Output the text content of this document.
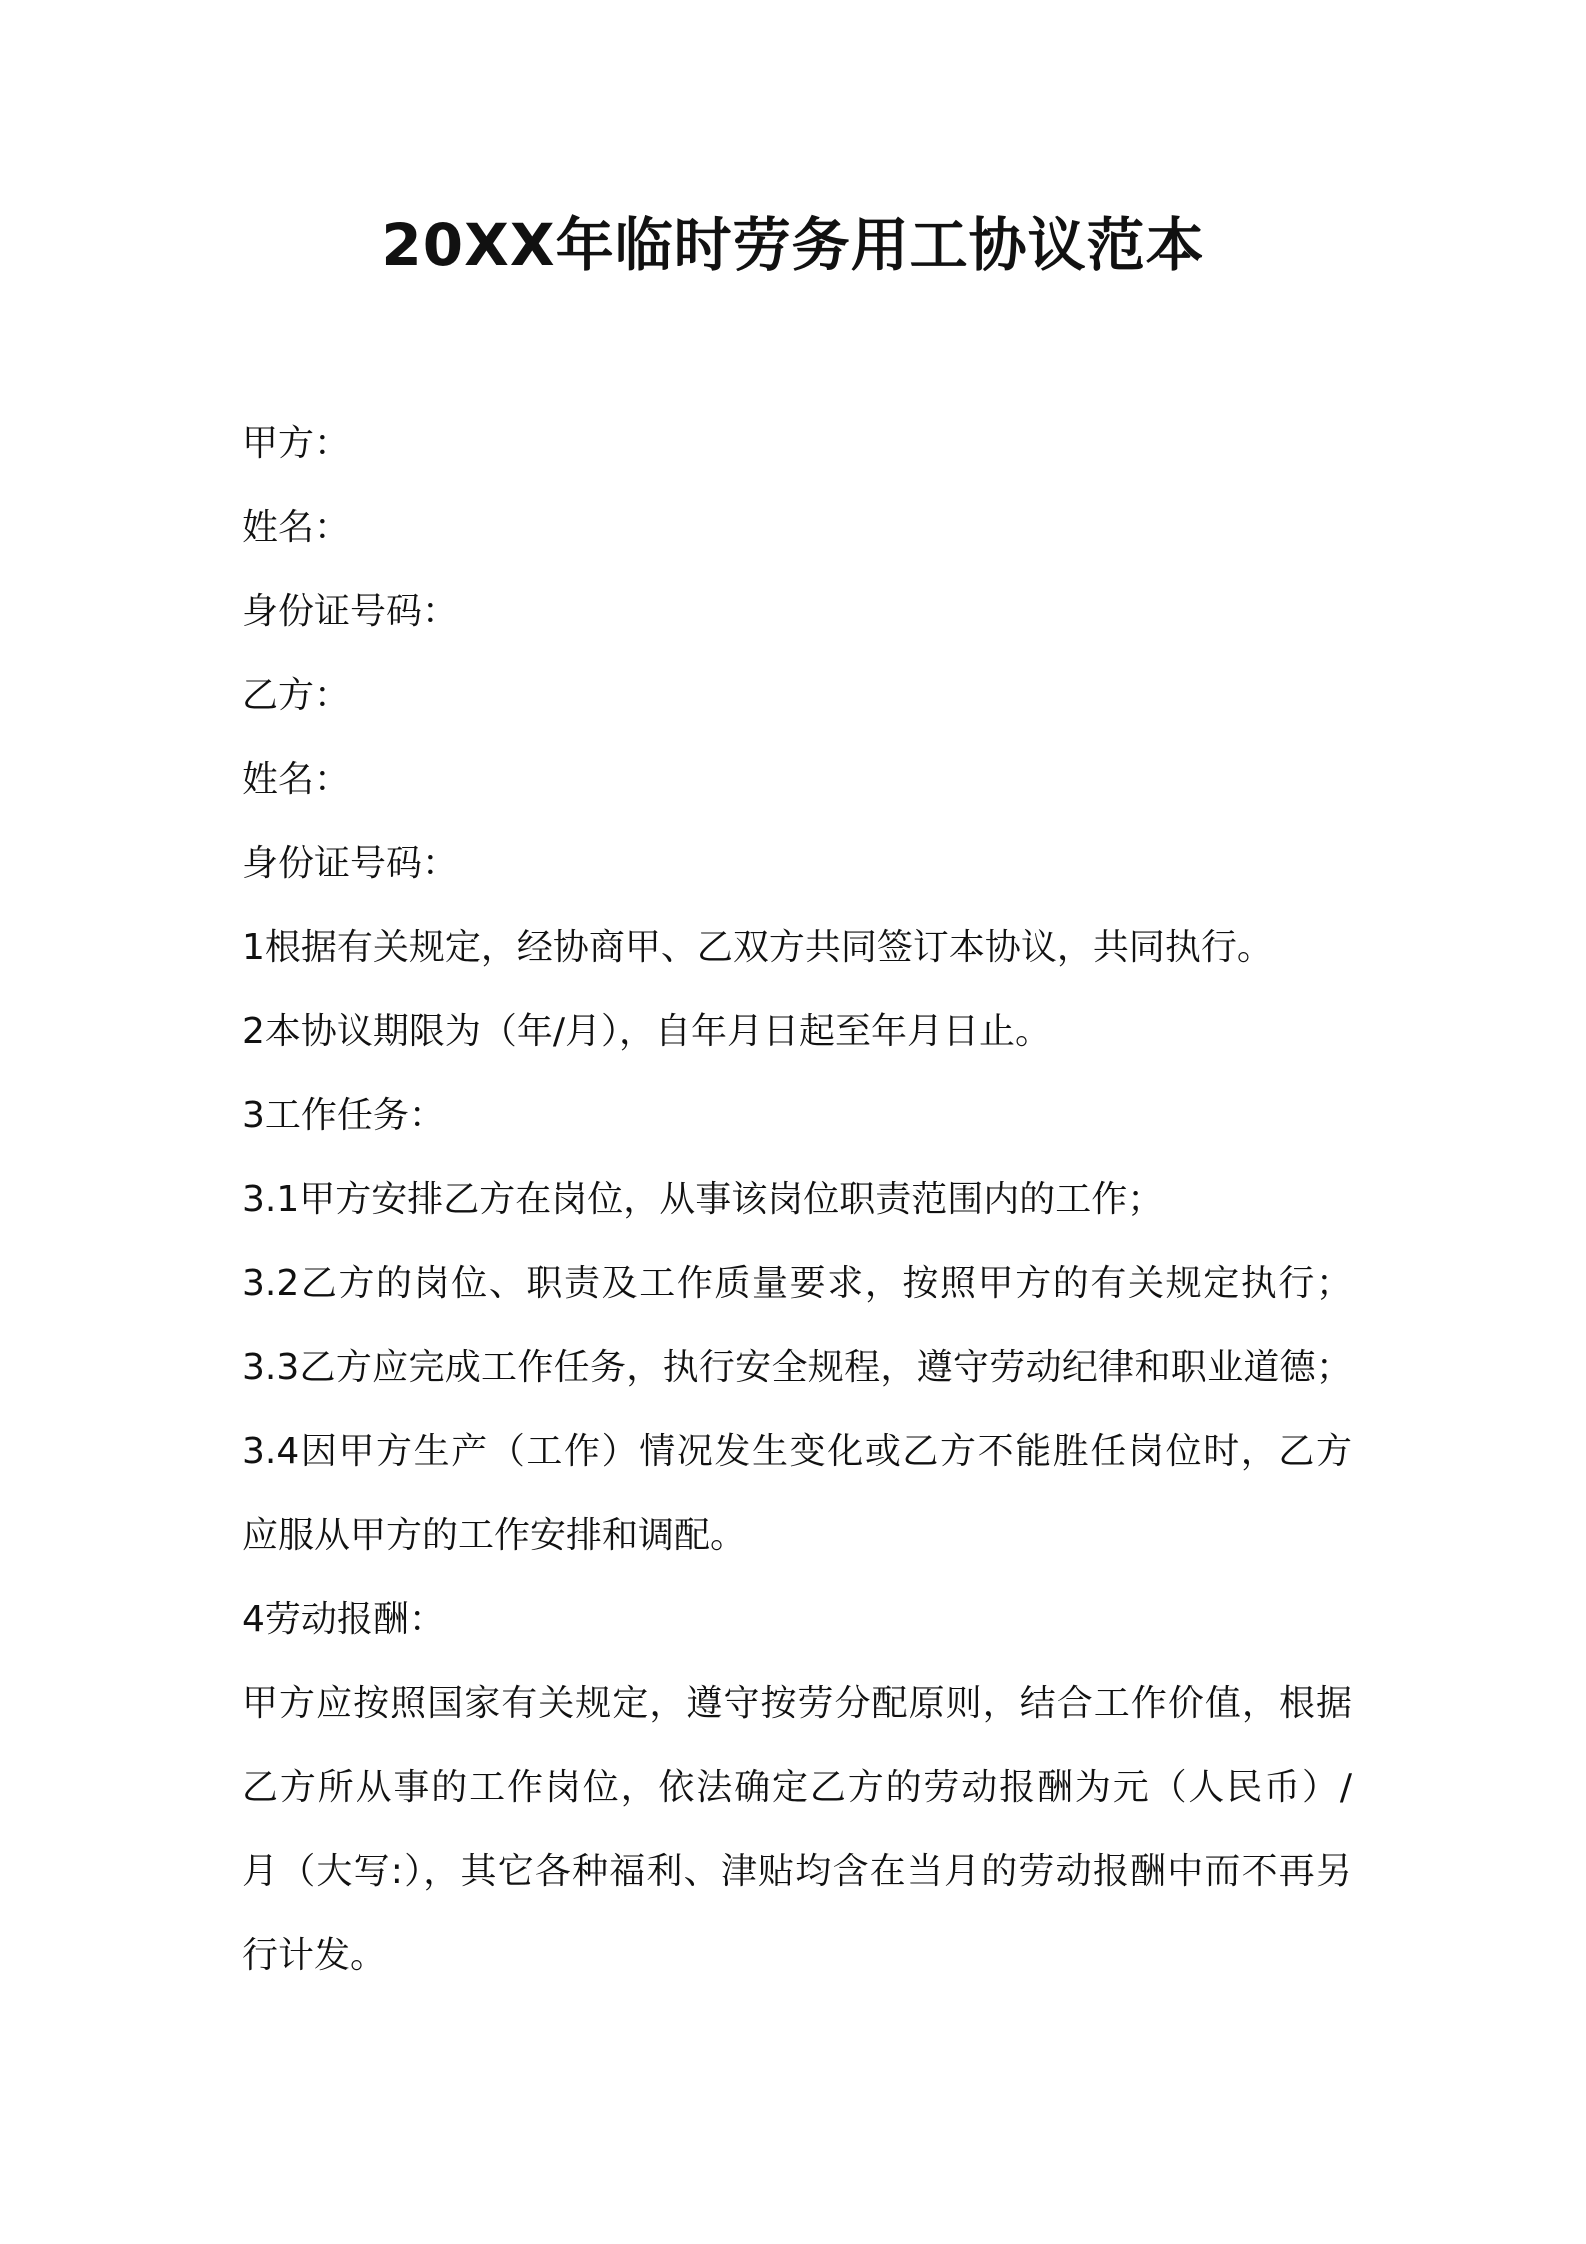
20XX年临时劳务用工协议范本
甲方：
姓名：
身份证号码：
乙方：
姓名：
身份证号码：
1根据有关规定，经协商甲、乙双方共同签订本协议，共同执行。
2本协议期限为（年/月），自年月日起至年月日止。
3工作任务：
3.1甲方安排乙方在岗位，从事该岗位职责范围内的工作；
3.2乙方的岗位、职责及工作质量要求，按照甲方的有关规定执行；
3.3乙方应完成工作任务，执行安全规程，遵守劳动纪律和职业道德；
3.4因甲方生产（工作）情况发生变化或乙方不能胜任岗位时，乙方
应服从甲方的工作安排和调配。
4劳动报酬：
甲方应按照国家有关规定，遵守按劳分配原则，结合工作价值，根据
乙方所从事的工作岗位，依法确定乙方的劳动报酬为元（人民币）/
月（大写:），其它各种福利、津贴均含在当月的劳动报酬中而不再另
行计发。
